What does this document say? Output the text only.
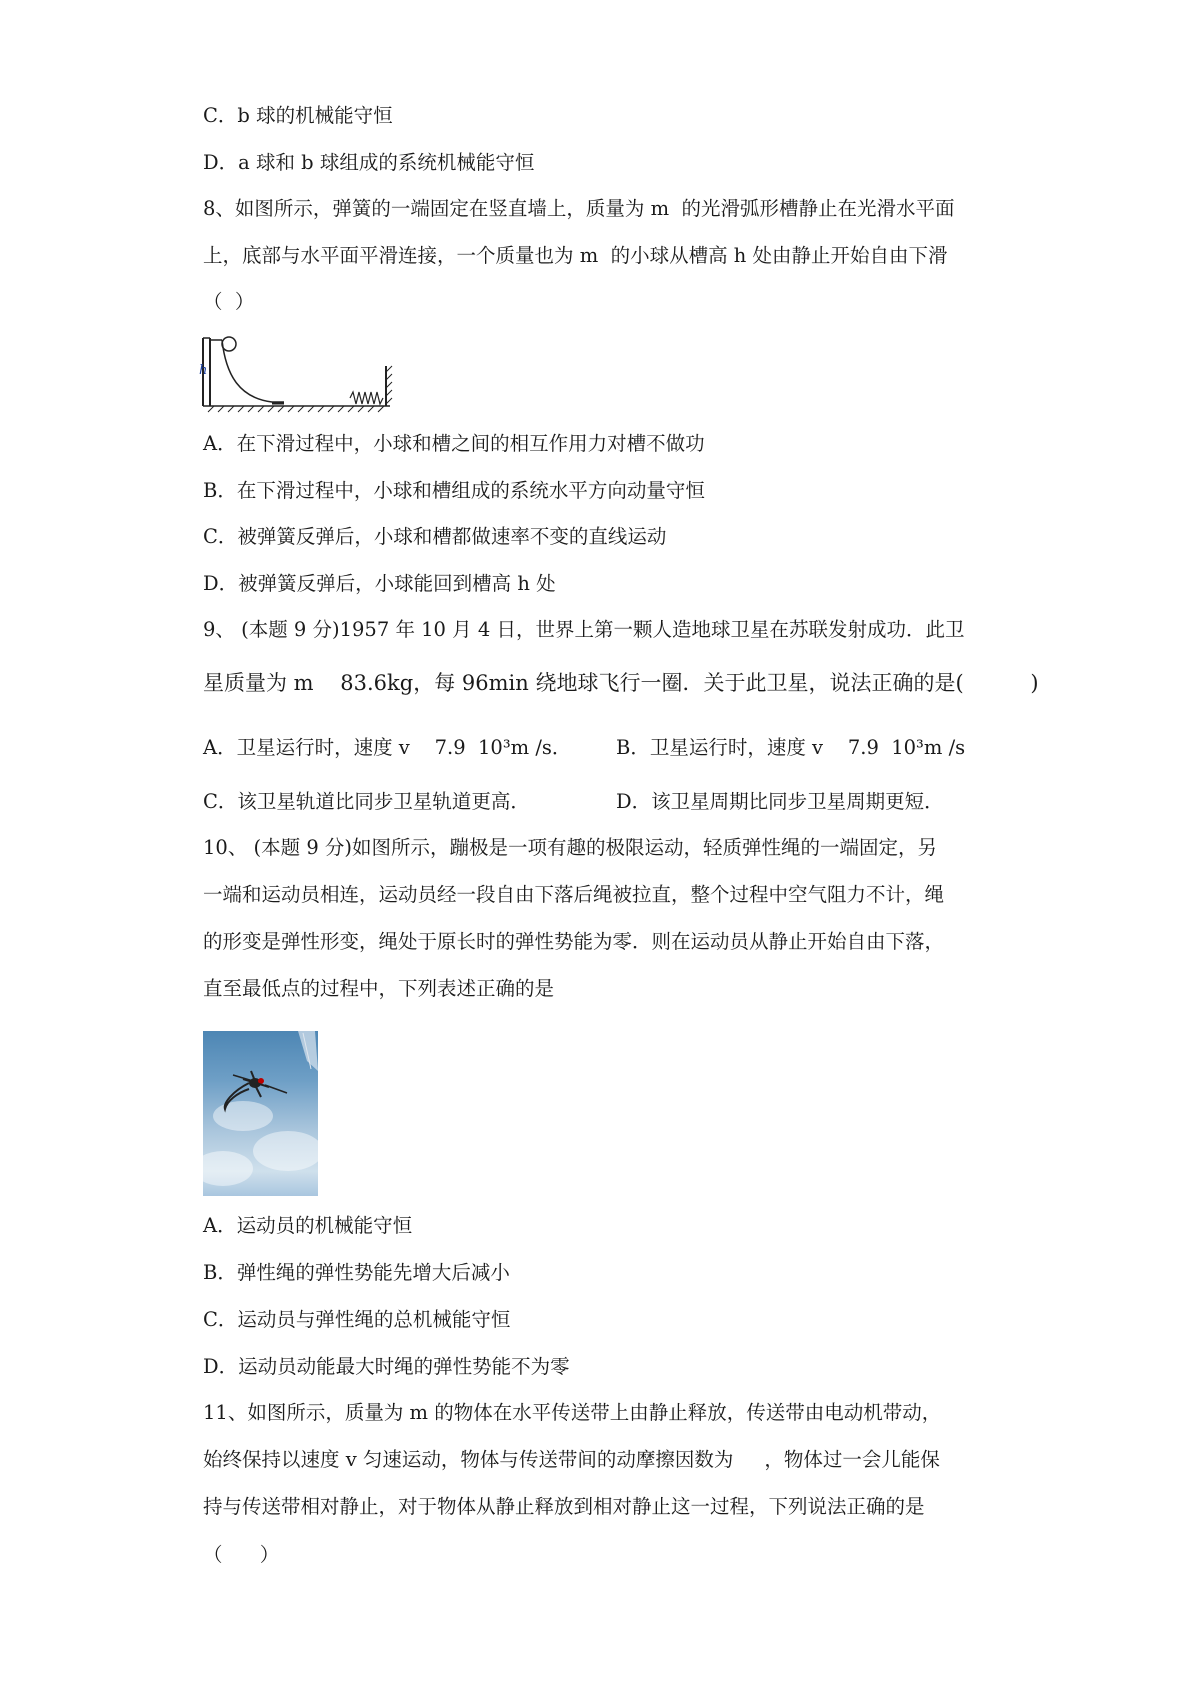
C．b 球的机械能守恒
D．a 球和 b 球组成的系统机械能守恒
8、如图所示，弹簧的一端固定在竖直墙上，质量为 m  的光滑弧形槽静止在光滑水平面
上，底部与水平面平滑连接，一个质量也为 m  的小球从槽高 h 处由静止开始自由下滑
（  ）
h
A．在下滑过程中，小球和槽之间的相互作用力对槽不做功
B．在下滑过程中，小球和槽组成的系统水平方向动量守恒
C．被弹簧反弹后，小球和槽都做速率不变的直线运动
D．被弹簧反弹后，小球能回到槽高 h 处
9、 (本题 9 分)1957 年 10 月 4 日，世界上第一颗人造地球卫星在苏联发射成功．此卫
星质量为 m    83.6kg，每 96min 绕地球飞行一圈．关于此卫星，说法正确的是(          )
A．卫星运行时，速度 v    7.9  10³m /s． B．卫星运行时，速度 v    7.9  10³m /s
C．该卫星轨道比同步卫星轨道更高．	D．该卫星周期比同步卫星周期更短．
10、 (本题 9 分)如图所示，蹦极是一项有趣的极限运动，轻质弹性绳的一端固定，另
一端和运动员相连，运动员经一段自由下落后绳被拉直，整个过程中空气阻力不计，绳
的形变是弹性形变，绳处于原长时的弹性势能为零．则在运动员从静止开始自由下落，
直至最低点的过程中，下列表述正确的是
A．运动员的机械能守恒
B．弹性绳的弹性势能先增大后减小
C．运动员与弹性绳的总机械能守恒
D．运动员动能最大时绳的弹性势能不为零
11、如图所示，质量为 m 的物体在水平传送带上由静止释放，传送带由电动机带动，
始终保持以速度 v 匀速运动，物体与传送带间的动摩擦因数为     ，物体过一会儿能保
持与传送带相对静止，对于物体从静止释放到相对静止这一过程，下列说法正确的是
（      ）
